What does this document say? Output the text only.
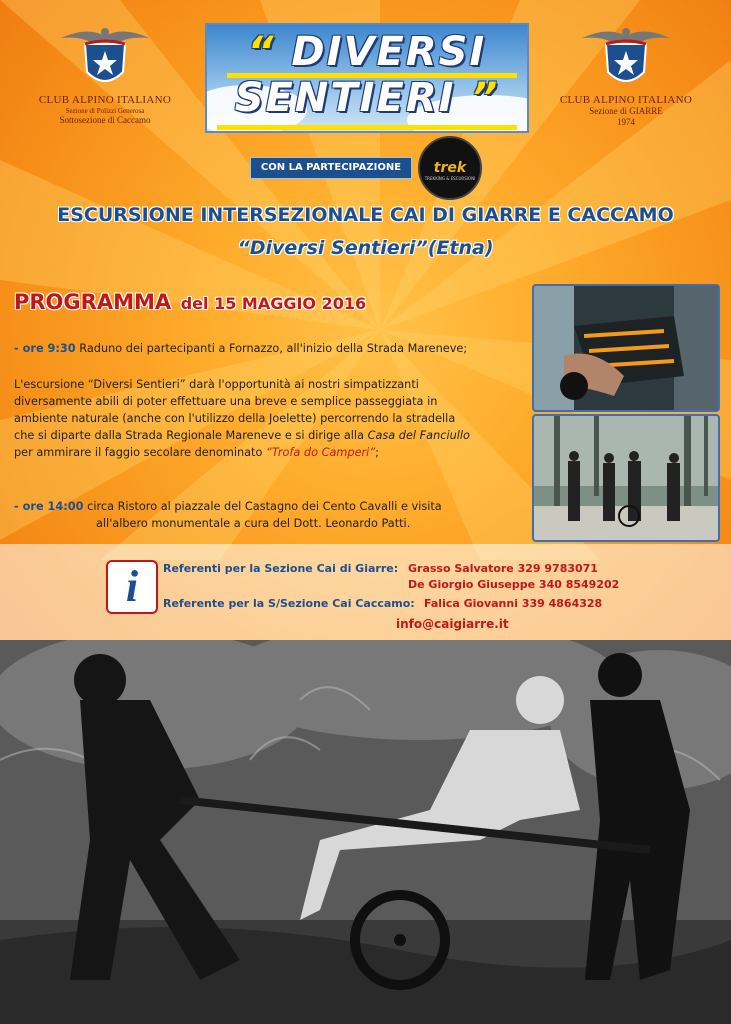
CLUB ALPINO ITALIANO
Sezione di Polizzi Generosa
Sottosezione di Caccamo
CLUB ALPINO ITALIANO
Sezione di GIARRE
1974
“ DIVERSI
SENTIERI ”
CON LA PARTECIPAZIONE	trek
TREKKING & ESCURSIONI
ESCURSIONE INTERSEZIONALE CAI DI GIARRE E CACCAMO
“Diversi Sentieri”(Etna)
PROGRAMMA del 15 MAGGIO 2016
- ore 9:30 Raduno dei partecipanti a Fornazzo, all'inizio della Strada Mareneve;
L'escursione “Diversi Sentieri” darà l'opportunità ai nostri simpatizzanti
diversamente abili di poter effettuare una breve e semplice passeggiata in
ambiente naturale (anche con l'utilizzo della Joelette) percorrendo la stradella
che si diparte dalla Strada Regionale Mareneve e si dirige alla Casa del Fanciullo
per ammirare il faggio secolare denominato “Trofa do Camperi”;
- ore 14:00 circa Ristoro al piazzale del Castagno dei Cento Cavalli e visita
all'albero monumentale a cura del Dott. Leonardo Patti.
i	Referenti per la Sezione Cai di Giarre: Grasso Salvatore 329 9783071
De Giorgio Giuseppe 340 8549202
Referente per la S/Sezione Cai Caccamo: Falica Giovanni 339 4864328
info@caigiarre.it
